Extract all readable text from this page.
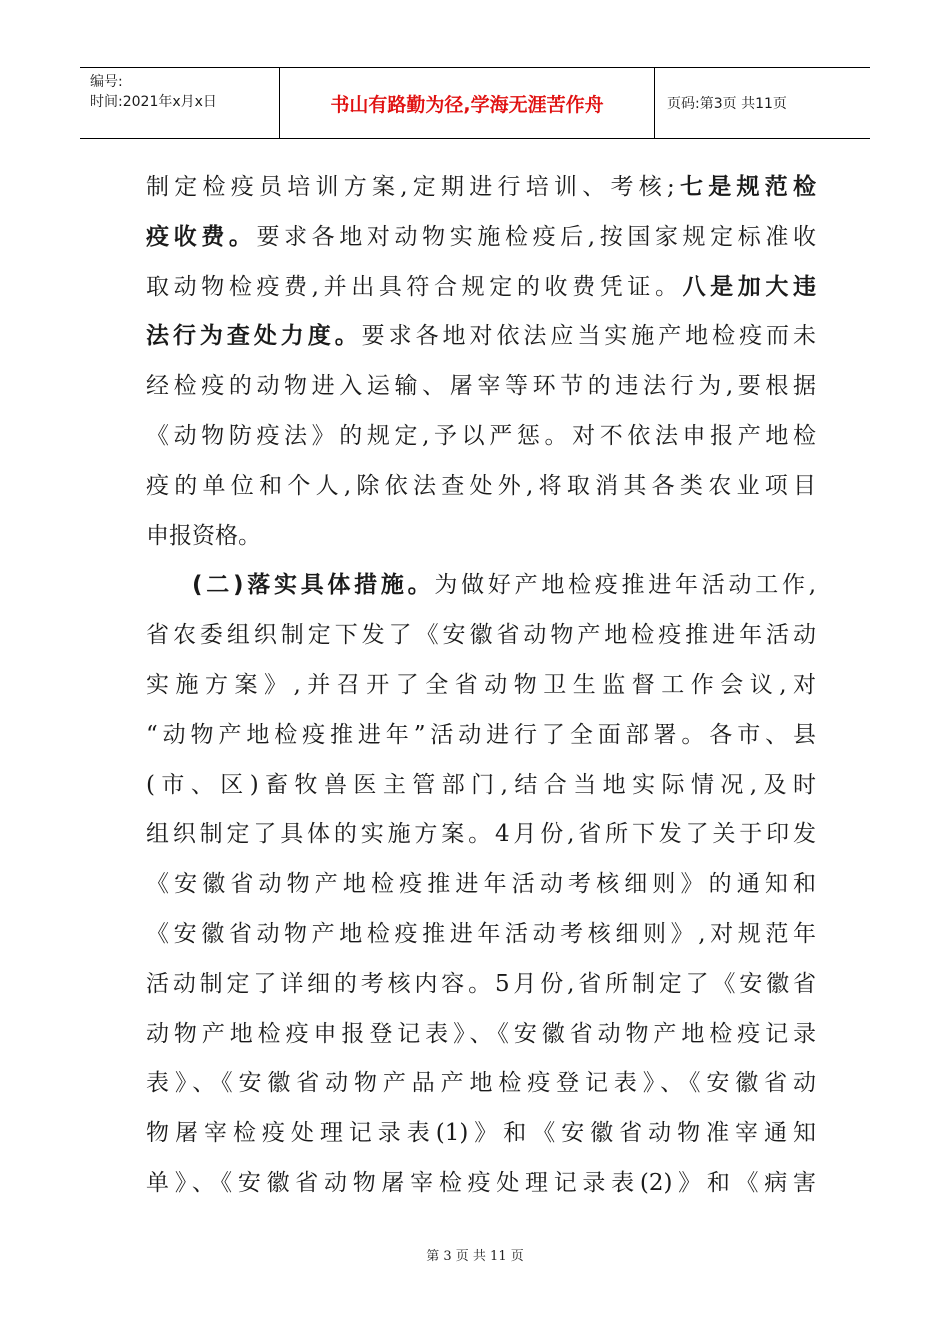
编号:
时间:2021年x月x日	书山有路勤为径,学海无涯苦作舟	页码:第3页 共11页
制定检疫员培训方案,定期进行培训、考核;七是规范检
疫收费。要求各地对动物实施检疫后,按国家规定标准收
取动物检疫费,并出具符合规定的收费凭证。八是加大违
法行为查处力度。要求各地对依法应当实施产地检疫而未
经检疫的动物进入运输、屠宰等环节的违法行为,要根据
《动物防疫法》的规定,予以严惩。对不依法申报产地检
疫的单位和个人,除依法查处外,将取消其各类农业项目
申报资格。
(二)落实具体措施。为做好产地检疫推进年活动工作,
省农委组织制定下发了《安徽省动物产地检疫推进年活动
实施方案》,并召开了全省动物卫生监督工作会议,对
“动物产地检疫推进年”活动进行了全面部署。各市、县
(市、区)畜牧兽医主管部门,结合当地实际情况,及时
组织制定了具体的实施方案。4月份,省所下发了关于印发
《安徽省动物产地检疫推进年活动考核细则》的通知和
《安徽省动物产地检疫推进年活动考核细则》,对规范年
活动制定了详细的考核内容。5月份,省所制定了《安徽省
动物产地检疫申报登记表》、《安徽省动物产地检疫记录
表》、《安徽省动物产品产地检疫登记表》、《安徽省动
物屠宰检疫处理记录表(1)》和《安徽省动物准宰通知
单》、《安徽省动物屠宰检疫处理记录表(2)》和《病害
第 3 页 共 11 页
